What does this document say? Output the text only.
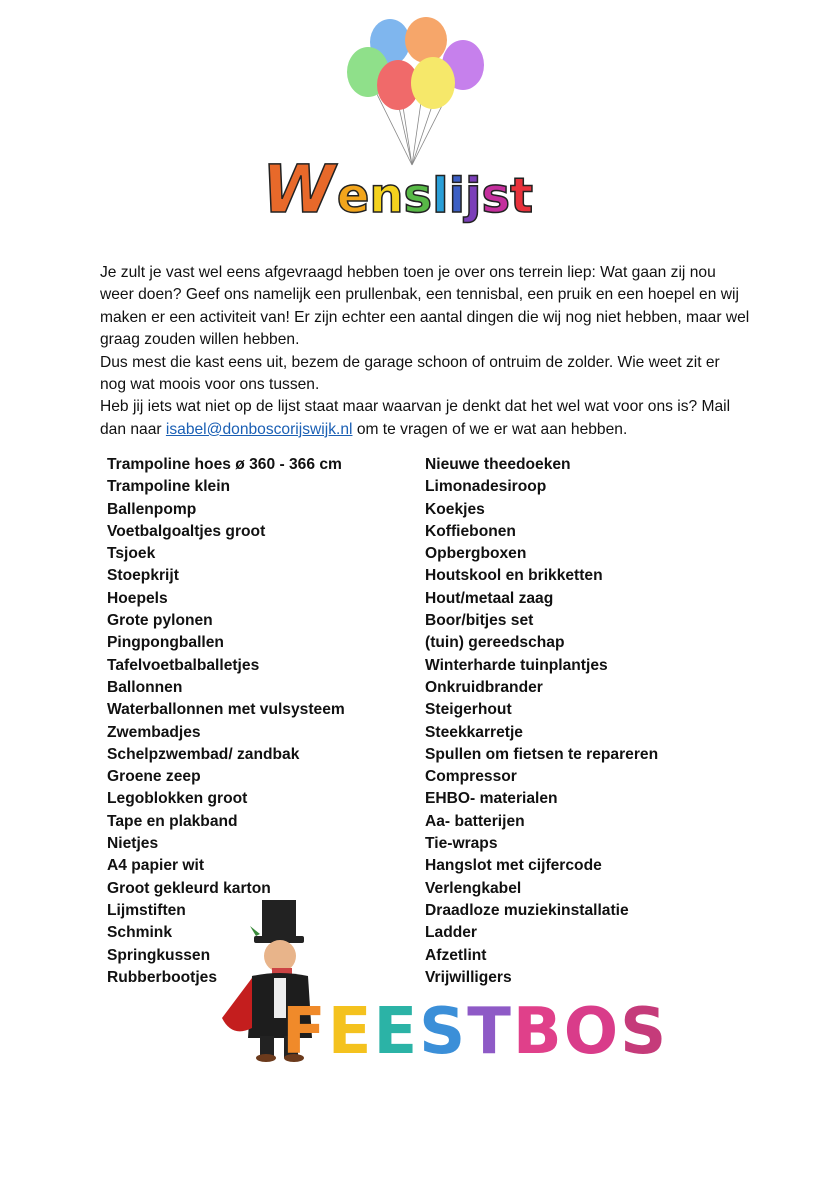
Wenslijst

Je zult je vast wel eens afgevraagd hebben toen je over ons terrein liep: Wat gaan zij nou weer doen? Geef ons namelijk een prullenbak, een tennisbal, een pruik en een hoepel en wij maken er een activiteit van! Er zijn echter een aantal dingen die wij nog niet hebben, maar wel graag zouden willen hebben.

Dus mest die kast eens uit, bezem de garage schoon of ontruim de zolder. Wie weet zit er nog wat moois voor ons tussen.

Heb jij iets wat niet op de lijst staat maar waarvan je denkt dat het wel wat voor ons is? Mail dan naar isabel@donboscorijswijk.nl om te vragen of we er wat aan hebben.

Trampoline hoes ø 360 - 366 cm
Trampoline klein
Ballenpomp
Voetbalgoaltjes groot
Tsjoek
Stoepkrijt
Hoepels
Grote pylonen
Pingpongballen
Tafelvoetbalballetjes
Ballonnen
Waterballonnen met vulsysteem
Zwembadjes
Schelpzwembad/ zandbak
Groene zeep
Legoblokken groot
Tape en plakband
Nietjes
A4 papier wit
Groot gekleurd karton
Lijmstiften
Schmink
Springkussen
Rubberbootjes
Nieuwe theedoeken
Limonadesiroop
Koekjes
Koffiebonen
Opbergboxen
Houtskool en brikketten
Hout/metaal zaag
Boor/bitjes set
(tuin) gereedschap
Winterharde tuinplantjes
Onkruidbrander
Steigerhout
Steekkarretje
Spullen om fietsen te repareren
Compressor
EHBO- materialen
Aa- batterijen
Tie-wraps
Hangslot met cijfercode
Verlengkabel
Draadloze muziekinstallatie
Ladder
Afzetlint
Vrijwilligers
FEESTBOS
